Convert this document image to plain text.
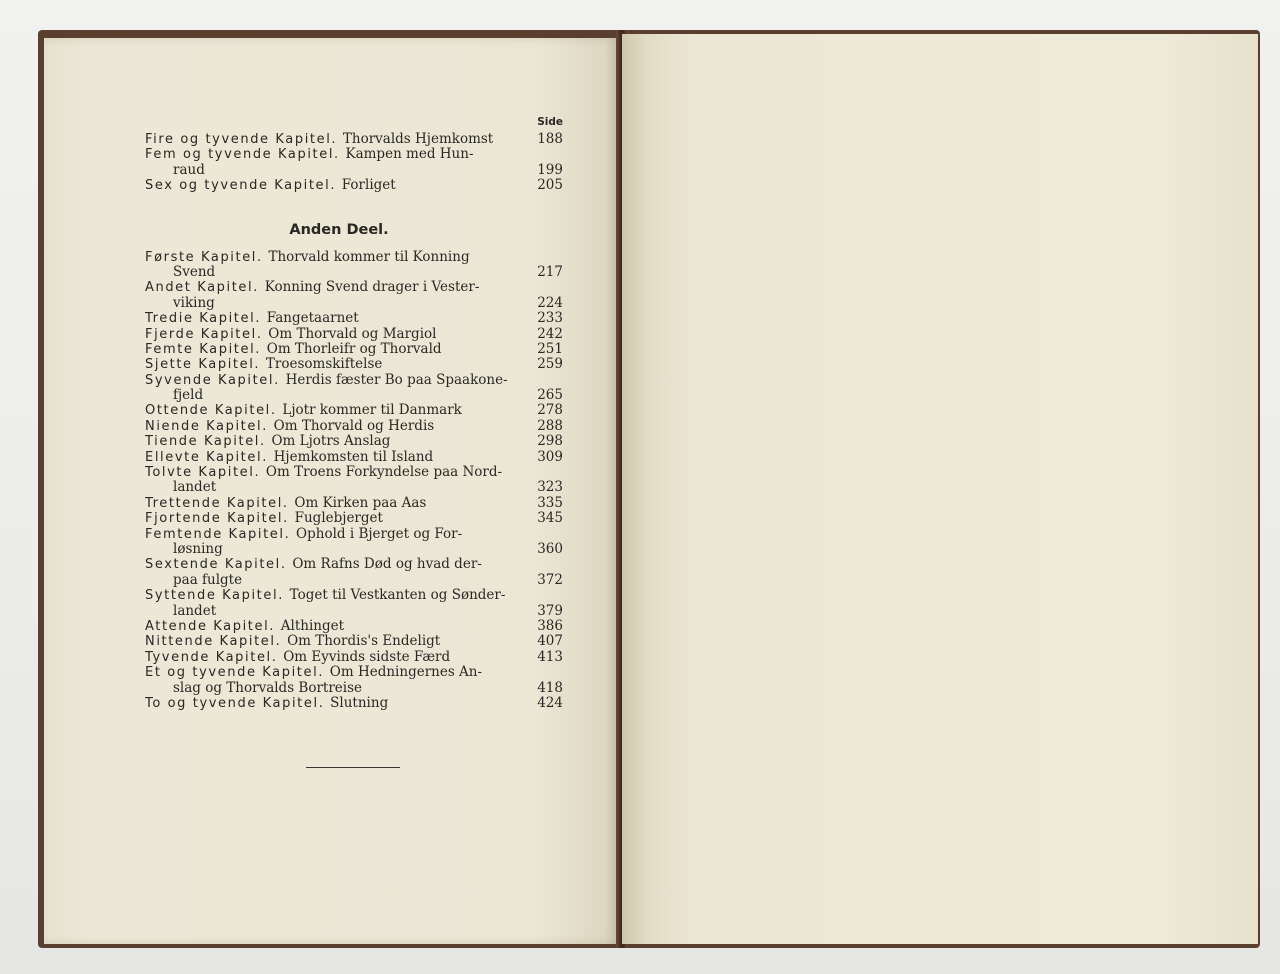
Side
Fire og tyvende Kapitel. Thorvalds Hjemkomst	188
Fem og tyvende Kapitel. Kampen med Hun-
raud	199
Sex og tyvende Kapitel. Forliget	205
Anden Deel.
Første Kapitel. Thorvald kommer til Konning
Svend	217
Andet Kapitel. Konning Svend drager i Vester-
viking	224
Tredie Kapitel. Fangetaarnet	233
Fjerde Kapitel. Om Thorvald og Margiol	242
Femte Kapitel. Om Thorleifr og Thorvald	251
Sjette Kapitel. Troesomskiftelse	259
Syvende Kapitel. Herdis fæster Bo paa Spaakone-
fjeld	265
Ottende Kapitel. Ljotr kommer til Danmark	278
Niende Kapitel. Om Thorvald og Herdis	288
Tiende Kapitel. Om Ljotrs Anslag	298
Ellevte Kapitel. Hjemkomsten til Island	309
Tolvte Kapitel. Om Troens Forkyndelse paa Nord-
landet	323
Trettende Kapitel. Om Kirken paa Aas	335
Fjortende Kapitel. Fuglebjerget	345
Femtende Kapitel. Ophold i Bjerget og For-
løsning	360
Sextende Kapitel. Om Rafns Død og hvad der-
paa fulgte	372
Syttende Kapitel. Toget til Vestkanten og Sønder-
landet	379
Attende Kapitel. Althinget	386
Nittende Kapitel. Om Thordis's Endeligt	407
Tyvende Kapitel. Om Eyvinds sidste Færd	413
Et og tyvende Kapitel. Om Hedningernes An-
slag og Thorvalds Bortreise	418
To og tyvende Kapitel. Slutning	424
